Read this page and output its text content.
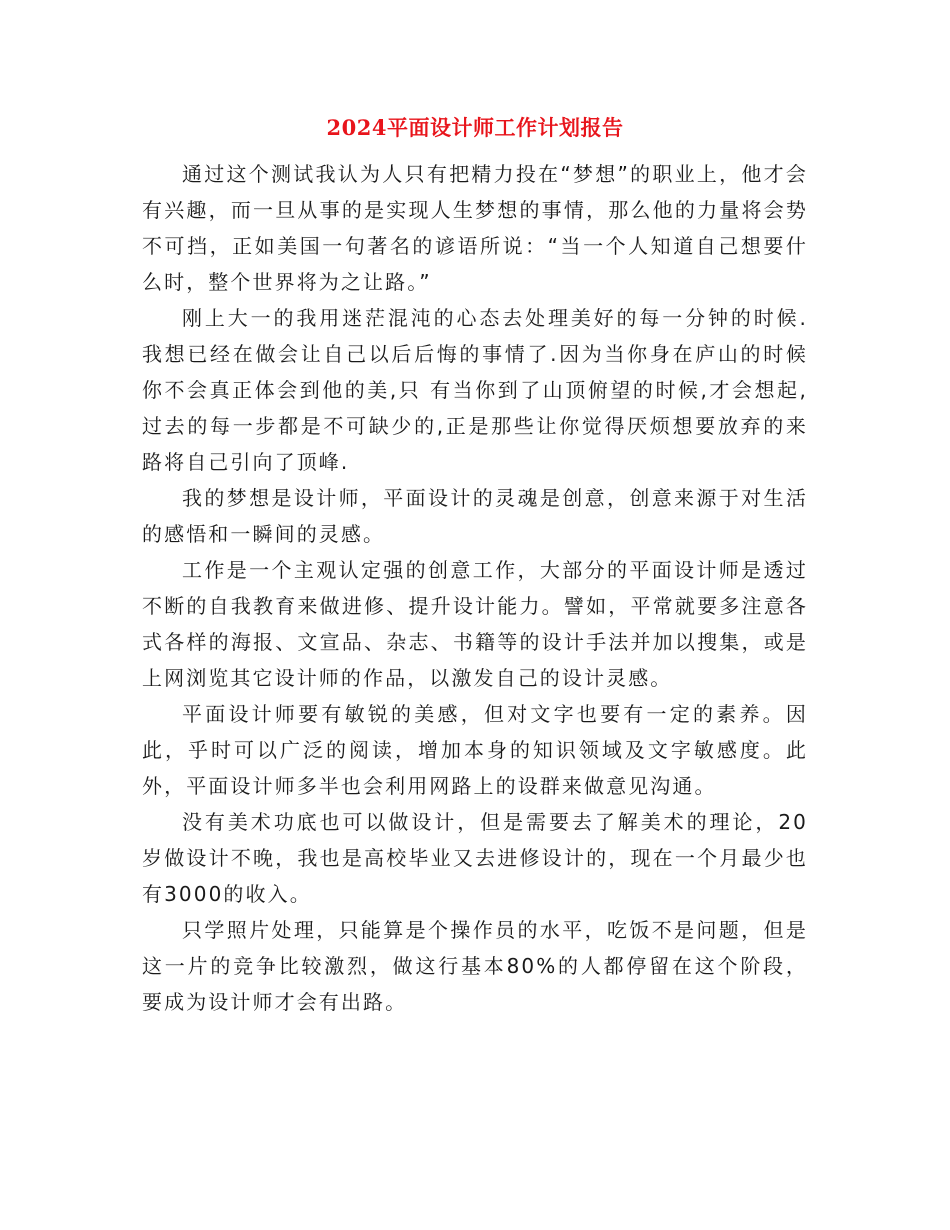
2024平面设计师工作计划报告

通过这个测试我认为人只有把精力投在“梦想”的职业上，他才会有兴趣，而一旦从事的是实现人生梦想的事情，那么他的力量将会势不可挡，正如美国一句著名的谚语所说：“当一个人知道自己想要什么时，整个世界将为之让路。”

刚上大一的我用迷茫混沌的心态去处理美好的每一分钟的时候.我想已经在做会让自己以后后悔的事情了.因为当你身在庐山的时候你不会真正体会到他的美,只 有当你到了山顶俯望的时候,才会想起,过去的每一步都是不可缺少的,正是那些让你觉得厌烦想要放弃的来路将自己引向了顶峰.

我的梦想是设计师，平面设计的灵魂是创意，创意来源于对生活的感悟和一瞬间的灵感。

工作是一个主观认定强的创意工作，大部分的平面设计师是透过不断的自我教育来做进修、提升设计能力。譬如，平常就要多注意各式各样的海报、文宣品、杂志、书籍等的设计手法并加以搜集，或是上网浏览其它设计师的作品，以激发自己的设计灵感。

平面设计师要有敏锐的美感，但对文字也要有一定的素养。因此，乎时可以广泛的阅读，增加本身的知识领域及文字敏感度。此外，平面设计师多半也会利用网路上的设群来做意见沟通。

没有美术功底也可以做设计，但是需要去了解美术的理论，20岁做设计不晚，我也是高校毕业又去进修设计的，现在一个月最少也有3000的收入。

只学照片处理，只能算是个操作员的水平，吃饭不是问题，但是这一片的竞争比较激烈，做这行基本80%的人都停留在这个阶段，要成为设计师才会有出路。
